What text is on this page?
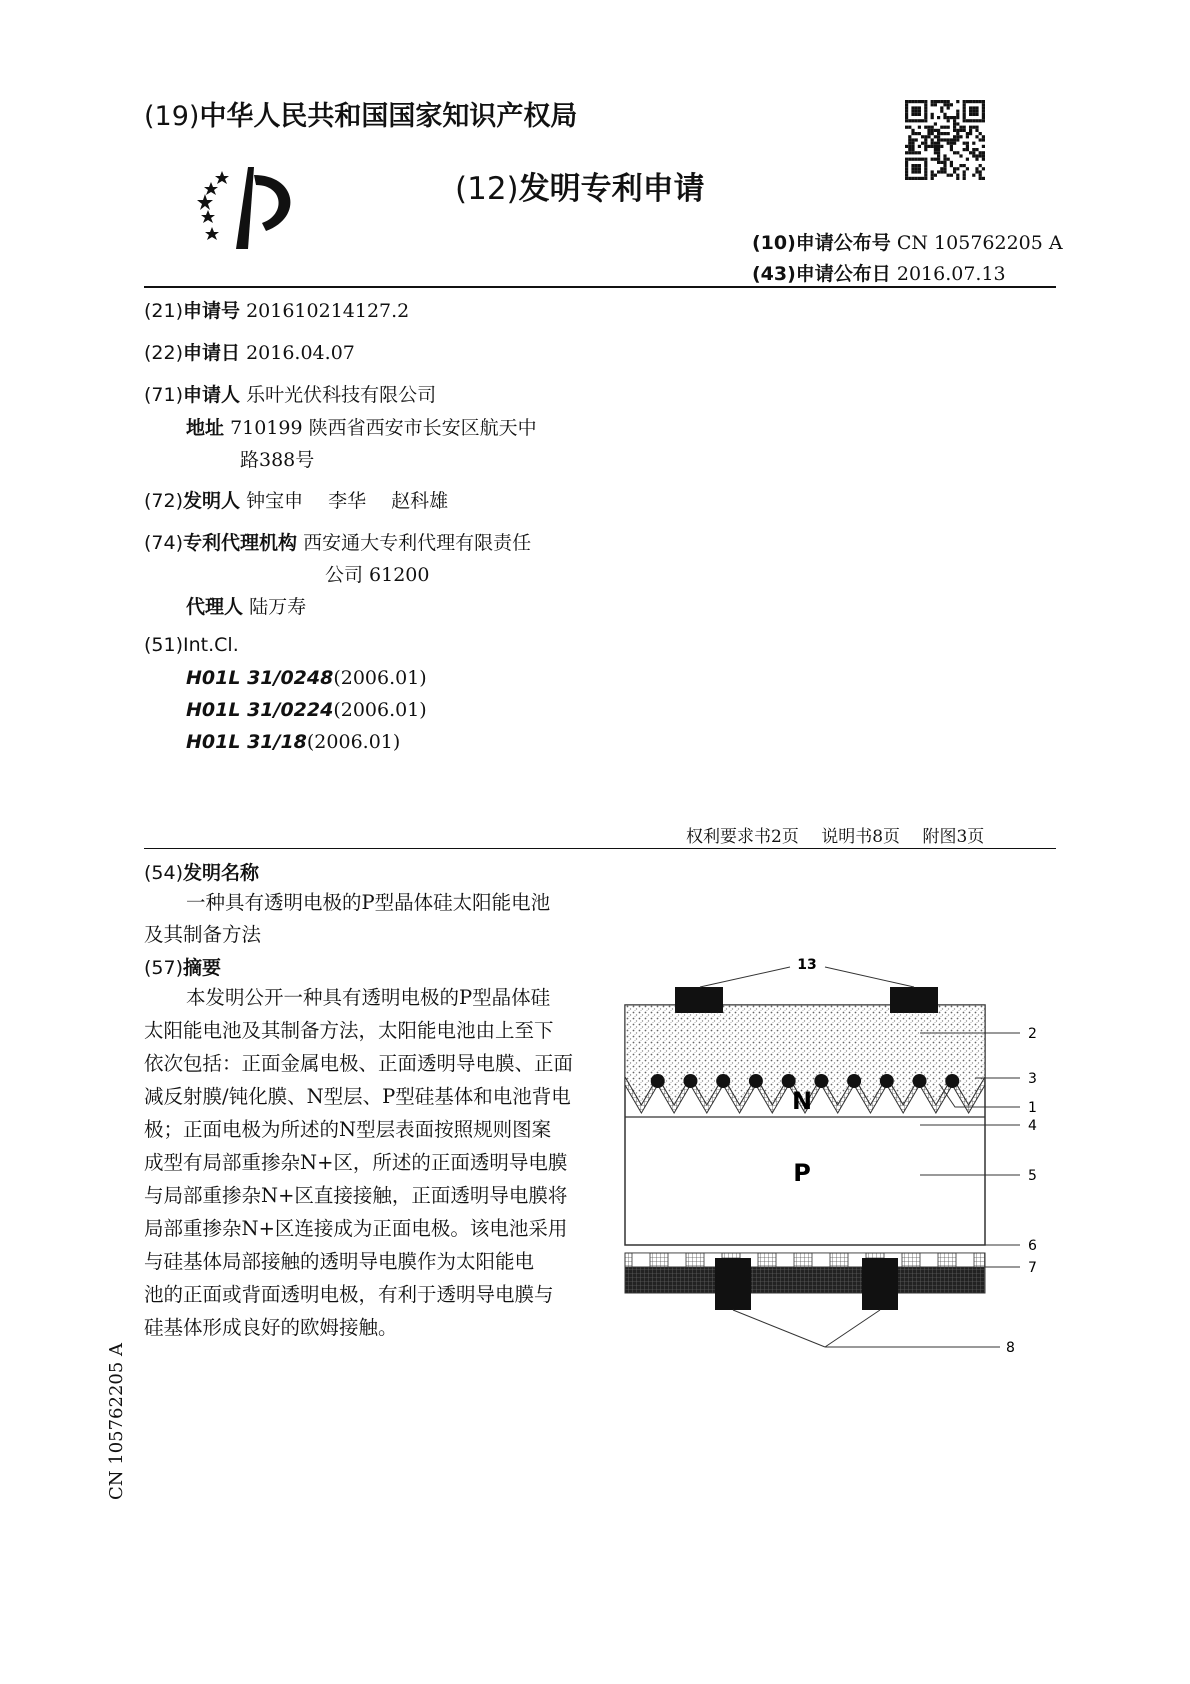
(19)中华人民共和国国家知识产权局
(12)发明专利申请
(10)申请公布号 CN 105762205 A
(43)申请公布日 2016.07.13
(21)申请号 201610214127.2
(22)申请日 2016.04.07
(71)申请人 乐叶光伏科技有限公司
地址 710199 陕西省西安市长安区航天中
路388号
(72)发明人 钟宝申　 李华　 赵科雄
(74)专利代理机构 西安通大专利代理有限责任
公司 61200
代理人 陆万寿
(51)Int.Cl.
H01L 31/0248(2006.01)
H01L 31/0224(2006.01)
H01L 31/18(2006.01)
权利要求书2页　 说明书8页　 附图3页
(54)发明名称
一种具有透明电极的P型晶体硅太阳能电池
及其制备方法
(57)摘要
本发明公开一种具有透明电极的P型晶体硅
太阳能电池及其制备方法，太阳能电池由上至下
依次包括：正面金属电极、正面透明导电膜、正面
减反射膜/钝化膜、N型层、P型硅基体和电池背电
极；正面电极为所述的N型层表面按照规则图案
成型有局部重掺杂N+区，所述的正面透明导电膜
与局部重掺杂N+区直接接触，正面透明导电膜将
局部重掺杂N+区连接成为正面电极。该电池采用
与硅基体局部接触的透明导电膜作为太阳能电
池的正面或背面透明电极，有利于透明导电膜与
硅基体形成良好的欧姆接触。
13
2
3
1
4
5
6
7
8
N
P
CN 105762205 A
